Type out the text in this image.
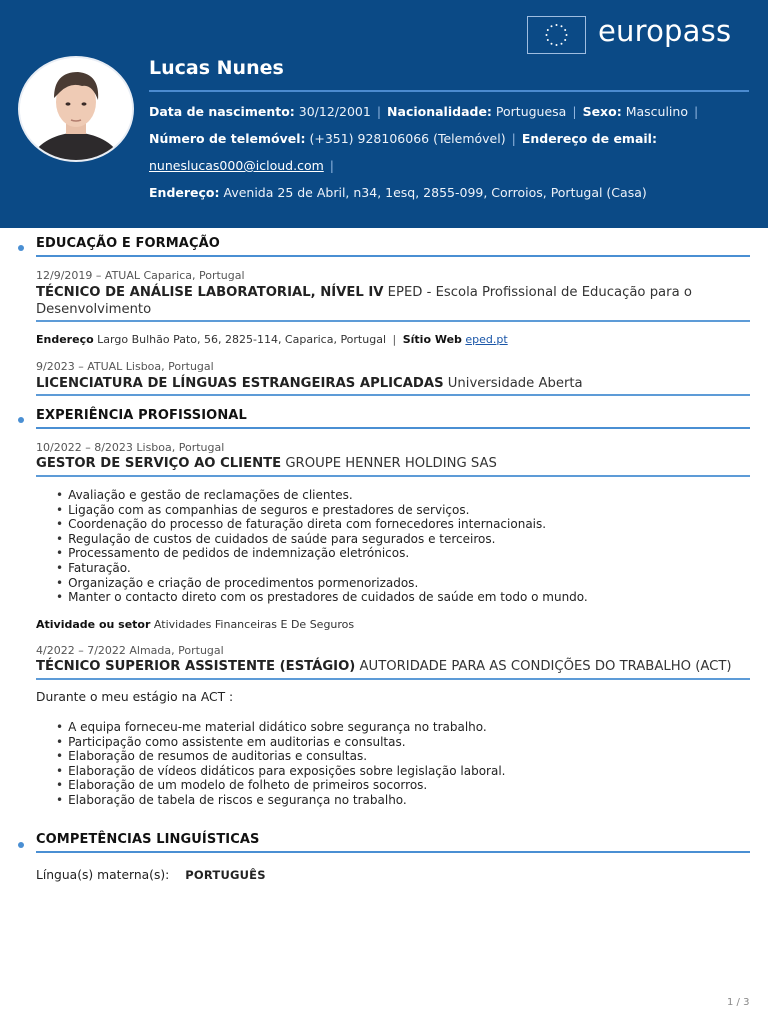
europass
Lucas Nunes
Data de nascimento: 30/12/2001 | Nacionalidade: Portuguesa | Sexo: Masculino |
Número de telemóvel: (+351) 928106066 (Telemóvel) | Endereço de email:
nuneslucas000@icloud.com |
Endereço: Avenida 25 de Abril, n34, 1esq, 2855-099, Corroios, Portugal (Casa)
EDUCAÇÃO E FORMAÇÃO
12/9/2019 – ATUAL Caparica, Portugal
TÉCNICO DE ANÁLISE LABORATORIAL, NÍVEL IV EPED - Escola Profissional de Educação para o Desenvolvimento
Endereço Largo Bulhão Pato, 56, 2825-114, Caparica, Portugal | Sítio Web eped.pt
9/2023 – ATUAL Lisboa, Portugal
LICENCIATURA DE LÍNGUAS ESTRANGEIRAS APLICADAS Universidade Aberta
EXPERIÊNCIA PROFISSIONAL
10/2022 – 8/2023 Lisboa, Portugal
GESTOR DE SERVIÇO AO CLIENTE GROUPE HENNER HOLDING SAS
• Avaliação e gestão de reclamações de clientes.
• Ligação com as companhias de seguros e prestadores de serviços.
• Coordenação do processo de faturação direta com fornecedores internacionais.
• Regulação de custos de cuidados de saúde para segurados e terceiros.
• Processamento de pedidos de indemnização eletrónicos.
• Faturação.
• Organização e criação de procedimentos pormenorizados.
• Manter o contacto direto com os prestadores de cuidados de saúde em todo o mundo.
Atividade ou setor Atividades Financeiras E De Seguros
4/2022 – 7/2022 Almada, Portugal
TÉCNICO SUPERIOR ASSISTENTE (ESTÁGIO) AUTORIDADE PARA AS CONDIÇÕES DO TRABALHO (ACT)
Durante o meu estágio na ACT :
• A equipa forneceu-me material didático sobre segurança no trabalho.
• Participação como assistente em auditorias e consultas.
• Elaboração de resumos de auditorias e consultas.
• Elaboração de vídeos didáticos para exposições sobre legislação laboral.
• Elaboração de um modelo de folheto de primeiros socorros.
• Elaboração de tabela de riscos e segurança no trabalho.
COMPETÊNCIAS LINGUÍSTICAS
Língua(s) materna(s): PORTUGUÊS
1 / 3
